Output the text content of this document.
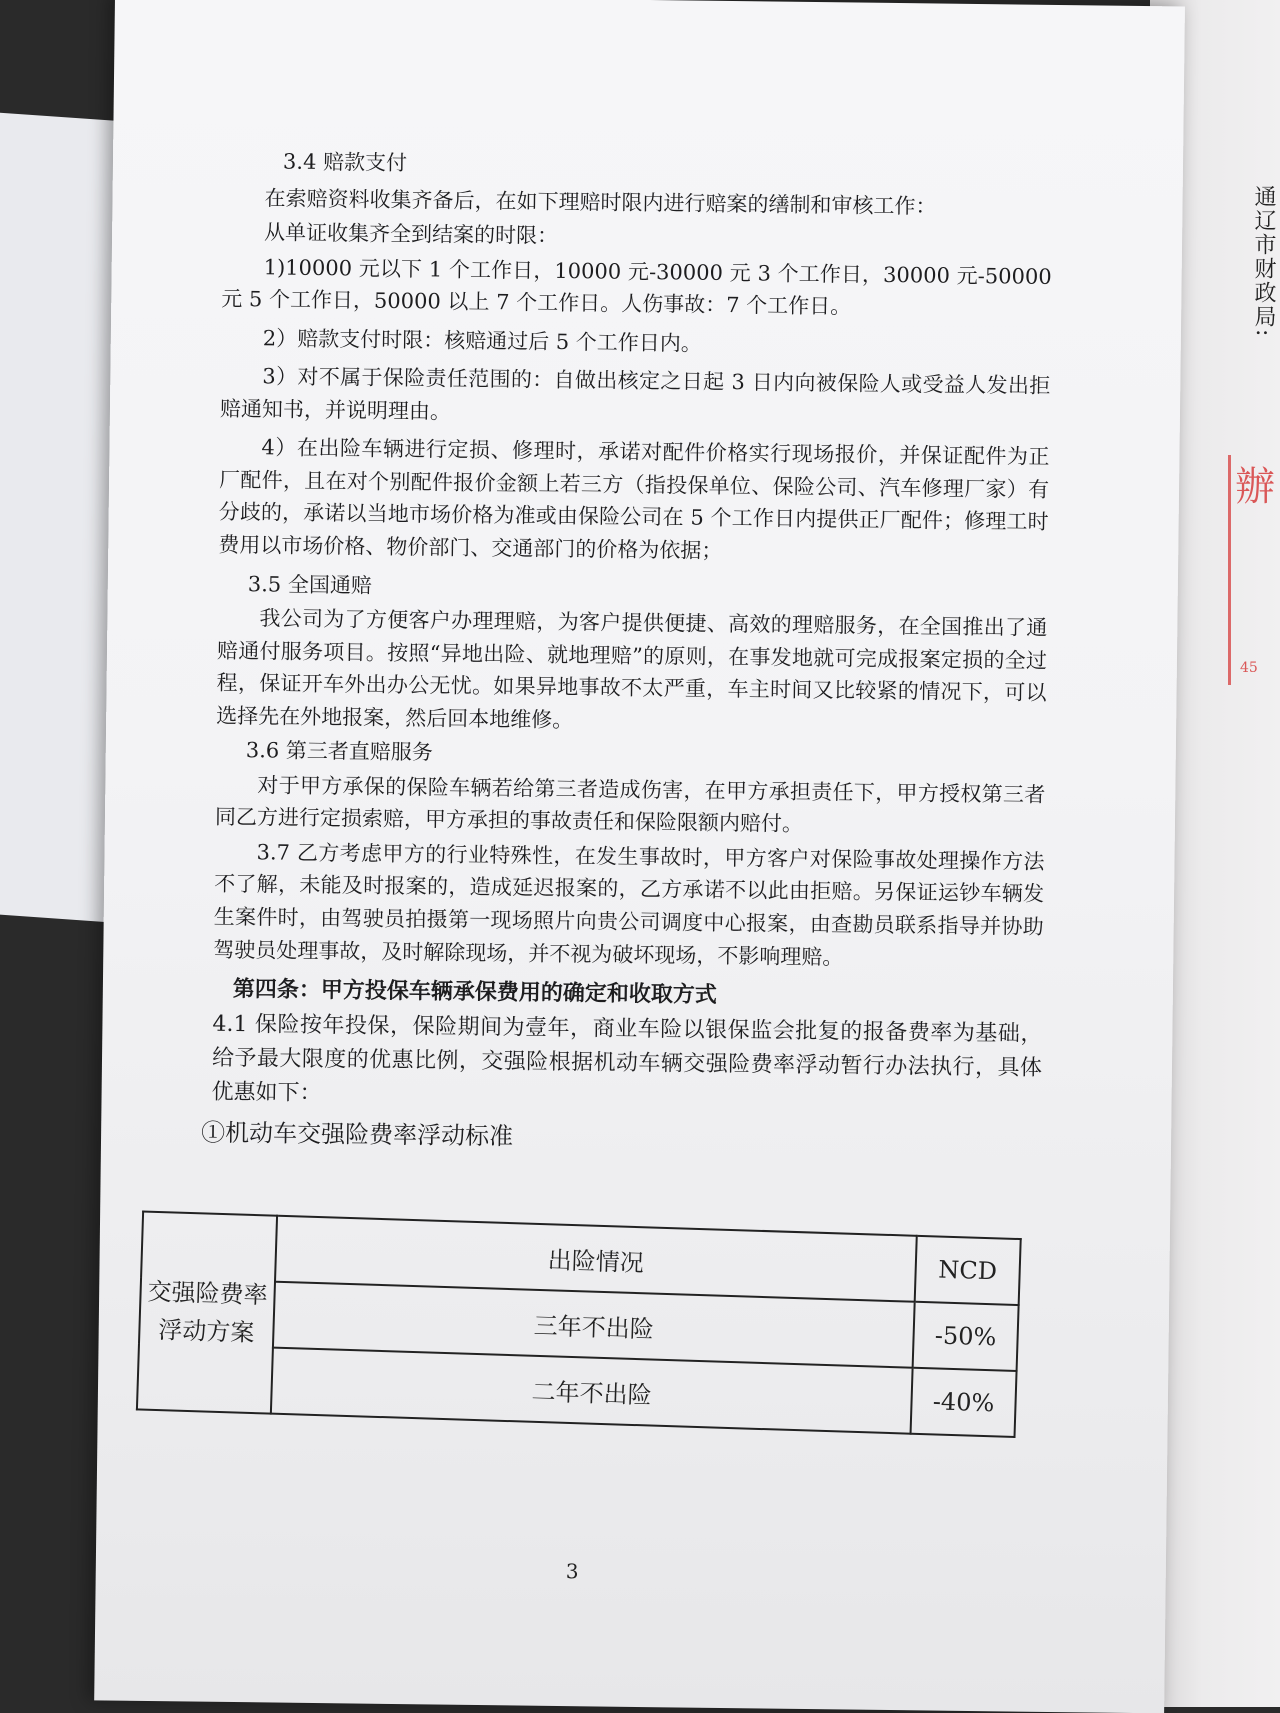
通辽市财政局:
辦
45
3.4 赔款支付

在索赔资料收集齐备后，在如下理赔时限内进行赔案的缮制和审核工作：

从单证收集齐全到结案的时限：

1)10000 元以下 1 个工作日，10000 元-30000 元 3 个工作日，30000 元-50000 元 5 个工作日，50000 以上 7 个工作日。人伤事故：7 个工作日。

2）赔款支付时限：核赔通过后 5 个工作日内。

3）对不属于保险责任范围的：自做出核定之日起 3 日内向被保险人或受益人发出拒赔通知书，并说明理由。

4）在出险车辆进行定损、修理时，承诺对配件价格实行现场报价，并保证配件为正厂配件，且在对个别配件报价金额上若三方（指投保单位、保险公司、汽车修理厂家）有分歧的，承诺以当地市场价格为准或由保险公司在 5 个工作日内提供正厂配件；修理工时费用以市场价格、物价部门、交通部门的价格为依据；

3.5 全国通赔

我公司为了方便客户办理理赔，为客户提供便捷、高效的理赔服务，在全国推出了通赔通付服务项目。按照“异地出险、就地理赔”的原则，在事发地就可完成报案定损的全过程，保证开车外出办公无忧。如果异地事故不太严重，车主时间又比较紧的情况下，可以选择先在外地报案，然后回本地维修。

3.6 第三者直赔服务

对于甲方承保的保险车辆若给第三者造成伤害，在甲方承担责任下，甲方授权第三者同乙方进行定损索赔，甲方承担的事故责任和保险限额内赔付。

3.7 乙方考虑甲方的行业特殊性，在发生事故时，甲方客户对保险事故处理操作方法不了解，未能及时报案的，造成延迟报案的，乙方承诺不以此由拒赔。另保证运钞车辆发生案件时，由驾驶员拍摄第一现场照片向贵公司调度中心报案，由查勘员联系指导并协助驾驶员处理事故，及时解除现场，并不视为破坏现场，不影响理赔。

第四条：甲方投保车辆承保费用的确定和收取方式

4.1 保险按年投保，保险期间为壹年，商业车险以银保监会批复的报备费率为基础，给予最大限度的优惠比例，交强险根据机动车辆交强险费率浮动暂行办法执行，具体优惠如下：

①机动车交强险费率浮动标准
交强险费率浮动方案	出险情况	NCD
	三年不出险	-50%
	二年不出险	-40%
3
